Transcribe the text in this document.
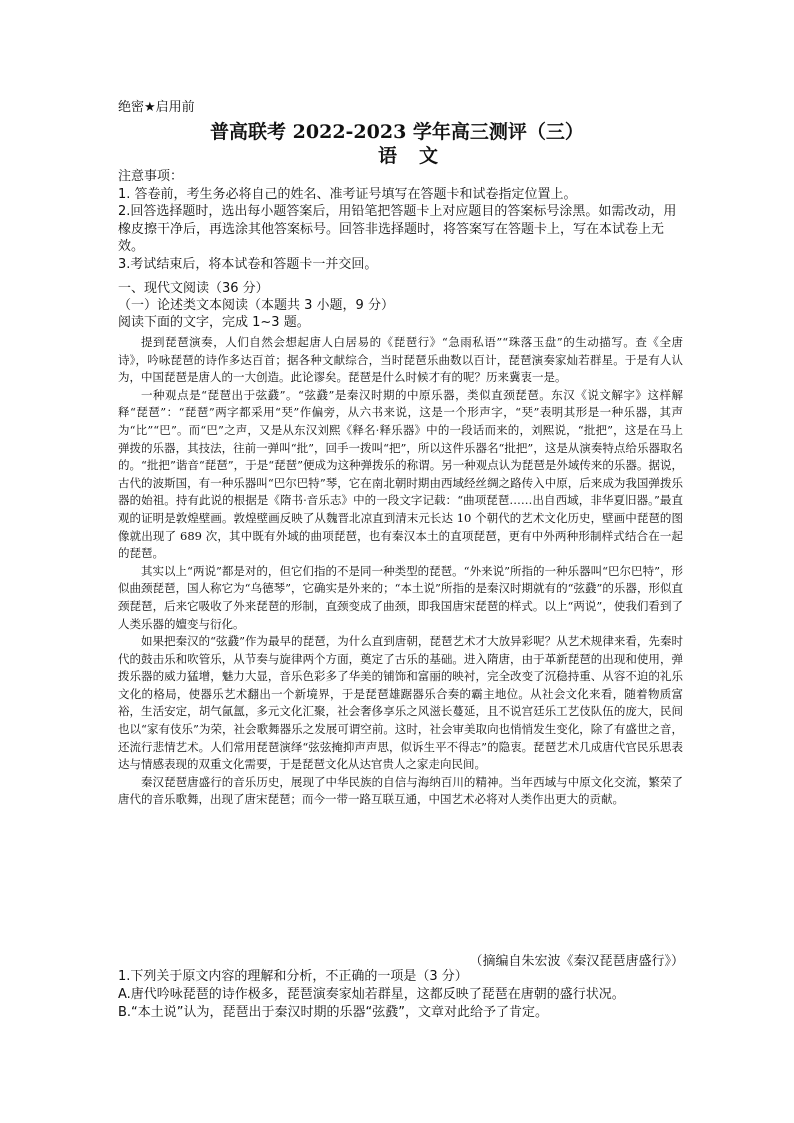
绝密★启用前
普高联考 2022-2023 学年高三测评（三）
语文

注意事项：

1. 答卷前，考生务必将自己的姓名、准考证号填写在答题卡和试卷指定位置上。

2.回答选择题时，选出每小题答案后，用铅笔把答题卡上对应题目的答案标号涂黑。如需改动，用橡皮擦干净后，再选涂其他答案标号。回答非选择题时，将答案写在答题卡上，写在本试卷上无效。

3.考试结束后，将本试卷和答题卡一并交回。

一、现代文阅读（36 分）
（一）论述类文本阅读（本题共 3 小题，9 分）
阅读下面的文字，完成 1~3 题。

提到琵琶演奏，人们自然会想起唐人白居易的《琵琶行》“急雨私语”“珠落玉盘”的生动描写。查《全唐诗》，吟咏琵琶的诗作多达百首；据各种文献综合，当时琵琶乐曲数以百计，琵琶演奏家灿若群星。于是有人认为，中国琵琶是唐人的一大创造。此论谬矣。琵琶是什么时候才有的呢？历来冀衷一是。

一种观点是“琵琶出于弦鼗”。“弦鼗”是秦汉时期的中原乐器，类似直颈琵琶。东汉《说文解字》这样解释“琵琶”：“琵琶”两字都采用“珡”作偏旁，从六书来说，这是一个形声字，“珡”表明其形是一种乐器，其声为“比”“巴”。而“巴”之声，又是从东汉刘熙《释名·释乐器》中的一段话而来的，刘熙说，“批把”，这是在马上弹拨的乐器，其技法，往前一弹叫“批”，回手一拨叫“把”，所以这件乐器名“批把”，这是从演奏特点给乐器取名的。“批把”谐音“琵琶”，于是“琵琶”便成为这种弹拨乐的称谓。另一种观点认为琵琶是外域传来的乐器。据说，古代的波斯国，有一种乐器叫“巴尔巴特”琴，它在南北朝时期由西域经丝绸之路传入中原，后来成为我国弹拨乐器的始祖。持有此说的根据是《隋书·音乐志》中的一段文字记载：“曲项琵琶……出自西域，非华夏旧器。”最直观的证明是敦煌壁画。敦煌壁画反映了从魏晋北凉直到清末元长达 10 个朝代的艺术文化历史，壁画中琵琶的图像就出现了 689 次，其中既有外域的曲项琵琶，也有秦汉本土的直项琵琶，更有中外两种形制样式结合在一起的琵琶。

其实以上“两说”都是对的，但它们指的不是同一种类型的琵琶。“外来说”所指的一种乐器叫“巴尔巴特”，形似曲颈琵琶，国人称它为“乌德琴”，它确实是外来的；“本土说”所指的是秦汉时期就有的“弦鼗”的乐器，形似直颈琵琶，后来它吸收了外来琵琶的形制，直颈变成了曲颈，即我国唐宋琵琶的样式。以上“两说”，使我们看到了人类乐器的嬗变与衍化。

如果把秦汉的“弦鼗”作为最早的琵琶，为什么直到唐朝，琵琶艺术才大放异彩呢？从艺术规律来看，先秦时代的鼓击乐和吹管乐，从节奏与旋律两个方面，奠定了古乐的基础。进入隋唐，由于革新琵琶的出现和使用，弹拨乐器的威力猛增，魅力大显，音乐色彩多了华美的铺饰和富丽的映衬，完全改变了沉稳持重、从容不迫的礼乐文化的格局，使器乐艺术翻出一个新境界，于是琵琶雄踞器乐合奏的霸主地位。从社会文化来看，随着物质富裕，生活安定，胡气氤氲，多元文化汇聚，社会奢侈享乐之风滋长蔓延，且不说宫廷乐工艺伎队伍的庞大，民间也以“家有伎乐”为荣，社会歌舞器乐之发展可谓空前。这时，社会审美取向也悄悄发生变化，除了有盛世之音，还流行悲情艺术。人们常用琵琶演绎“弦弦掩抑声声思，似诉生平不得志”的隐衷。琵琶艺术几成唐代官民乐思表达与情感表现的双重文化需要，于是琵琶文化从达官贵人之家走向民间。

秦汉琵琶唐盛行的音乐历史，展现了中华民族的自信与海纳百川的精神。当年西域与中原文化交流，繁荣了唐代的音乐歌舞，出现了唐宋琵琶；而今一带一路互联互通，中国艺术必将对人类作出更大的贡献。

（摘编自朱宏波《秦汉琵琶唐盛行》）

1.下列关于原文内容的理解和分析，不正确的一项是（3 分）

A.唐代吟咏琵琶的诗作极多，琵琶演奏家灿若群星，这都反映了琵琶在唐朝的盛行状况。

B.“本土说”认为，琵琶出于秦汉时期的乐器“弦鼗”，文章对此给予了肯定。
